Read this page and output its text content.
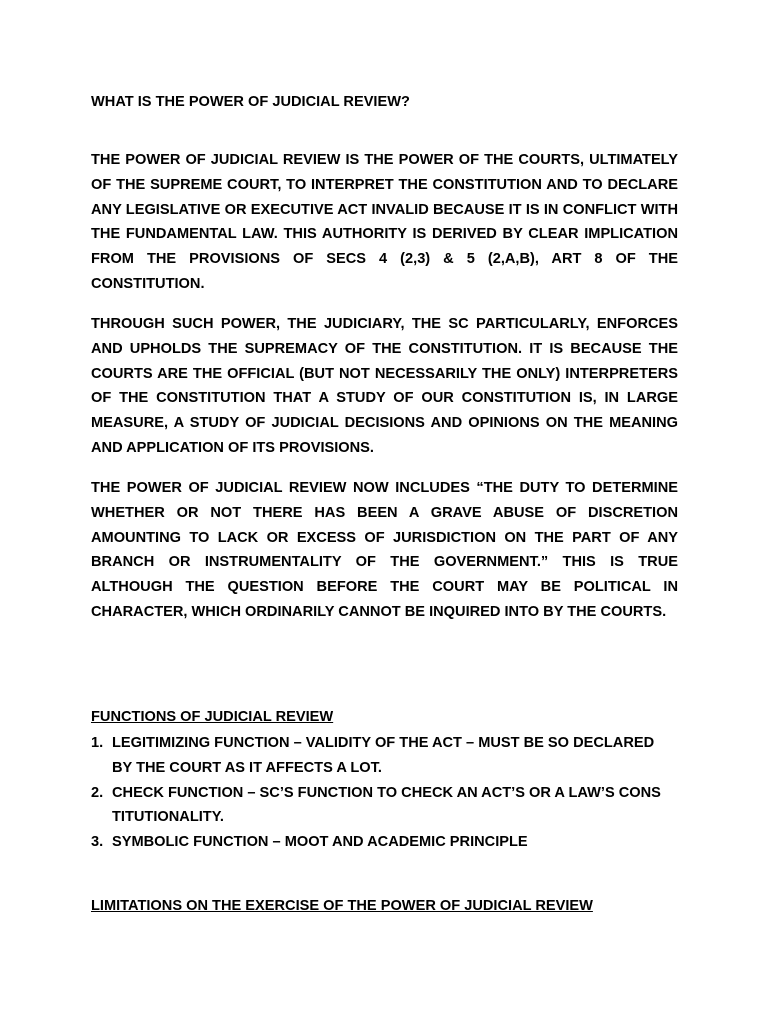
WHAT IS THE POWER OF JUDICIAL REVIEW?

THE POWER OF JUDICIAL REVIEW IS THE POWER OF THE COURTS, ULTIMATELY OF THE SUPREME COURT, TO INTERPRET THE CONSTITUTION AND TO DECLARE ANY LEGISLATIVE OR EXECUTIVE ACT INVALID BECAUSE IT IS IN CONFLICT WITH THE FUNDAMENTAL LAW. THIS AUTHORITY IS DERIVED BY CLEAR IMPLICATION FROM THE PROVISIONS OF SECS 4 (2,3) & 5 (2,A,B), ART 8 OF THE CONSTITUTION.

THROUGH SUCH POWER, THE JUDICIARY, THE SC PARTICULARLY, ENFORCES AND UPHOLDS THE SUPREMACY OF THE CONSTITUTION. IT IS BECAUSE THE COURTS ARE THE OFFICIAL (BUT NOT NECESSARILY THE ONLY) INTERPRETERS OF THE CONSTITUTION THAT A STUDY OF OUR CONSTITUTION IS, IN LARGE MEASURE, A STUDY OF JUDICIAL DECISIONS AND OPINIONS ON THE MEANING AND APPLICATION OF ITS PROVISIONS.

THE POWER OF JUDICIAL REVIEW NOW INCLUDES “THE DUTY TO DETERMINE WHETHER OR NOT THERE HAS BEEN A GRAVE ABUSE OF DISCRETION AMOUNTING TO LACK OR EXCESS OF JURISDICTION ON THE PART OF ANY BRANCH OR INSTRUMENTALITY OF THE GOVERNMENT.” THIS IS TRUE ALTHOUGH THE QUESTION BEFORE THE COURT MAY BE POLITICAL IN CHARACTER, WHICH ORDINARILY CANNOT BE INQUIRED INTO BY THE COURTS.

FUNCTIONS OF JUDICIAL REVIEW

1. LEGITIMIZING FUNCTION – VALIDITY OF THE ACT – MUST BE SO DECLARED BY THE COURT AS IT AFFECTS A LOT.
2. CHECK FUNCTION – SC’S FUNCTION TO CHECK AN ACT’S OR A LAW’S CONS TITUTIONALITY.
3. SYMBOLIC FUNCTION – MOOT AND ACADEMIC PRINCIPLE

LIMITATIONS ON THE EXERCISE OF THE POWER OF JUDICIAL REVIEW
